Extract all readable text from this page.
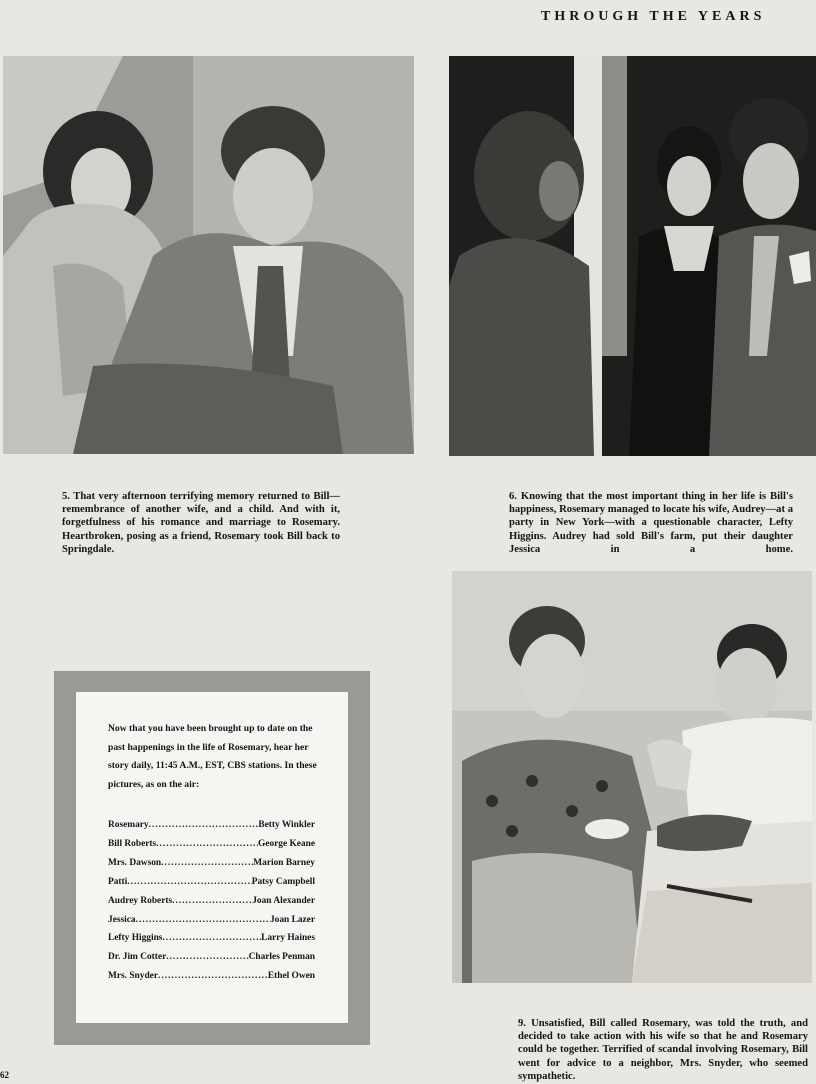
THROUGH THE YEARS

5. That very afternoon terrifying memory returned to Bill—remembrance of another wife, and a child. And with it, forgetfulness of his romance and marriage to Rosemary. Heartbroken, posing as a friend, Rosemary took Bill back to Springdale.

6. Knowing that the most important thing in her life is Bill's happiness, Rosemary managed to locate his wife, Audrey—at a party in New York—with a questionable character, Lefty Higgins. Audrey had sold Bill's farm, put their daughter Jessica in a home.

Now that you have been brought up to date on the past happenings in the life of Rosemary, hear her story daily, 11:45 A.M., EST, CBS stations. In these pictures, as on the air:

Rosemary .....	Betty Winkler
Bill Roberts .....	George Keane
Mrs. Dawson .....	Marion Barney
Patti .....	Patsy Campbell
Audrey Roberts .....	Joan Alexander
Jessica .....	Joan Lazer
Lefty Higgins .....	Larry Haines
Dr. Jim Cotter .....	Charles Penman
Mrs. Snyder .....	Ethel Owen

9. Unsatisfied, Bill called Rosemary, was told the truth, and decided to take action with his wife so that he and Rosemary could be together. Terrified of scandal involving Rosemary, Bill went for advice to a neighbor, Mrs. Snyder, who seemed sympathetic.

62
